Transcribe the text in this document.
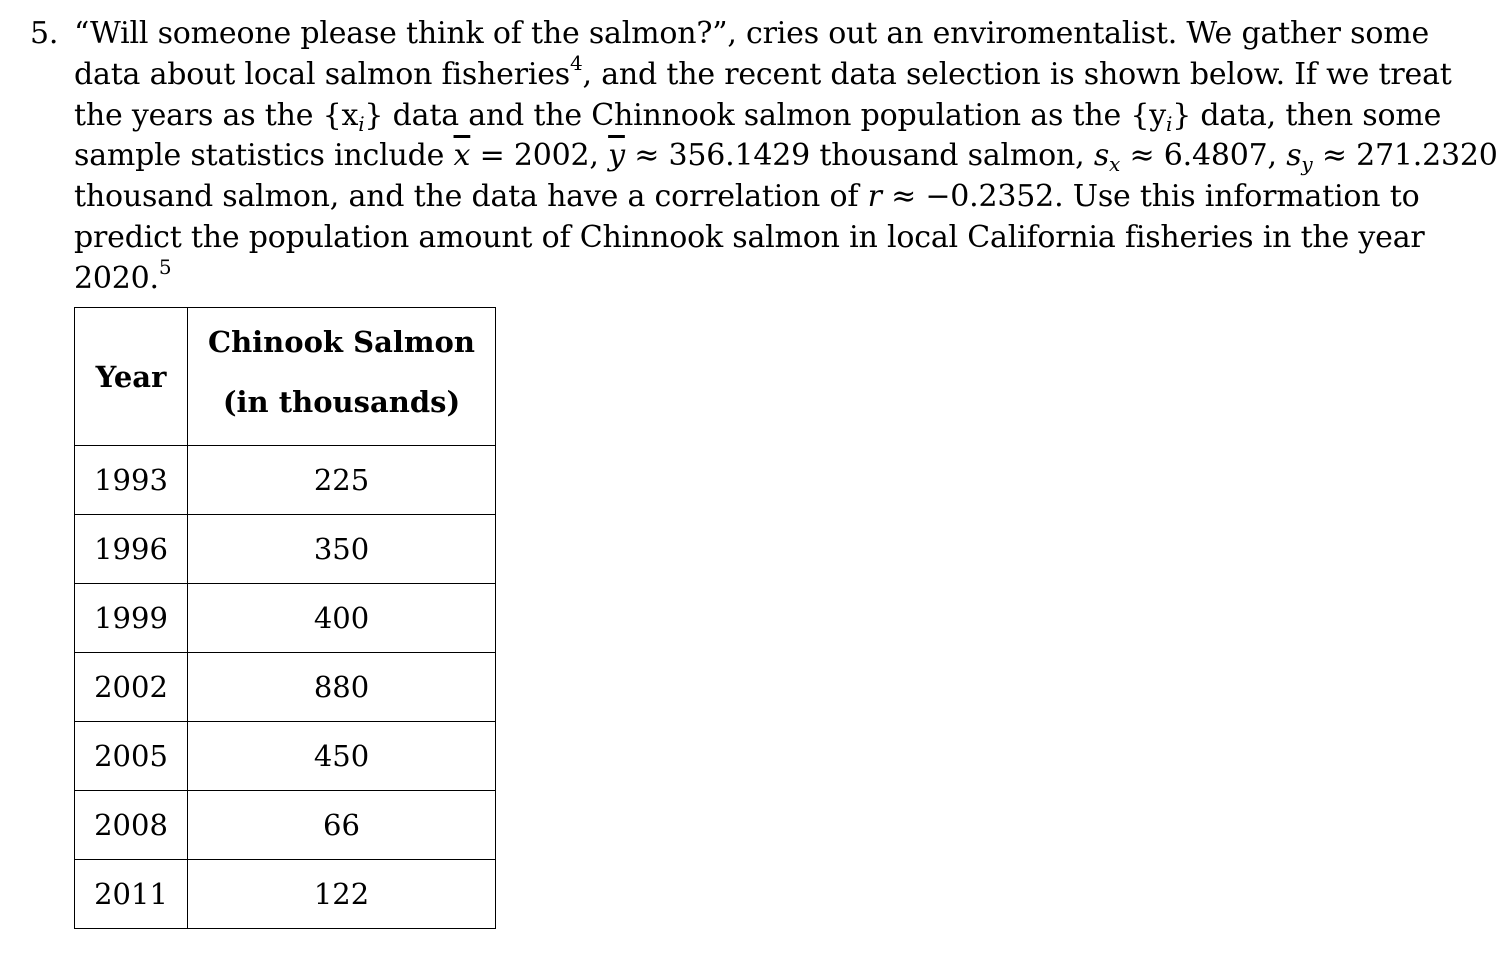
5. “Will someone please think of the salmon?”, cries out an enviromentalist. We gather some
data about local salmon fisheries$^4$, and the recent data selection is shown below. If we treat
the years as the $\{x_i\}$ data and the Chinnook salmon population as the $\{y_i\}$ data, then some
sample statistics include $\overline{x} = 2002$, $\overline{y} \approx 356.1429$ thousand salmon, $s_x \approx 6.4807$, $s_y \approx 271.2320$
thousand salmon, and the data have a correlation of r ≈ −0.2352. Use this information to
predict the population amount of Chinnook salmon in local California fisheries in the year
2020.$^5$
Year	Chinook Salmon
(in thousands)

1993	225
1996	350
1999	400
2002	880
2005	450
2008	66
2011	122
